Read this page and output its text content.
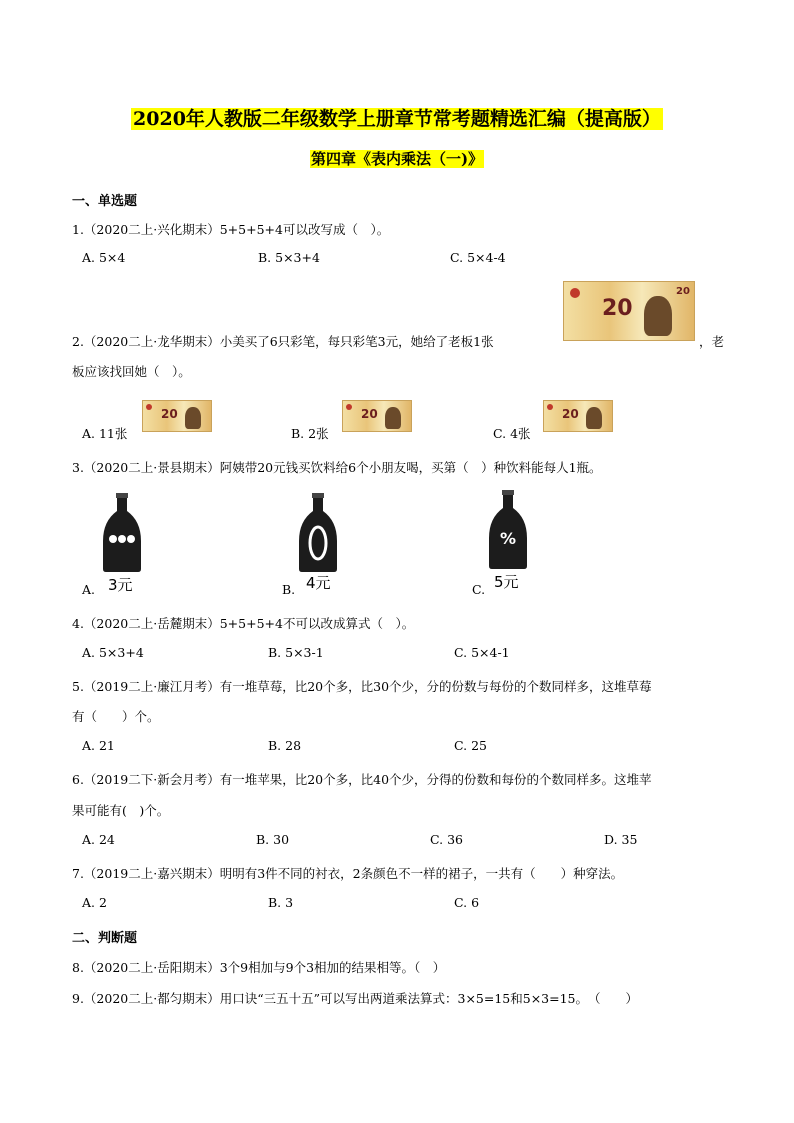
2020年人教版二年级数学上册章节常考题精选汇编（提高版）
第四章《表内乘法（一)》
一、单选题
1.（2020二上·兴化期末）5+5+5+4可以改写成（　）。
A. 5×4	B. 5×3+4	C. 5×4-4
20
20
2.（2020二上·龙华期末）小美买了6只彩笔，每只彩笔3元，她给了老板1张	，老
板应该找回她（　）。
A. 11张
20
B. 2张
20
C. 4张
20
3.（2020二上·景县期末）阿姨带20元钱买饮料给6个小朋友喝，买第（　）种饮料能每人1瓶。
A. 3元	B. 4元
%
C. 5元
4.（2020二上·岳麓期末）5+5+5+4不可以改成算式（　）。
A. 5×3+4	B. 5×3-1	C. 5×4-1
5.（2019二上·廉江月考）有一堆草莓，比20个多，比30个少，分的份数与每份的个数同样多，这堆草莓
有（　　）个。
A. 21	B. 28	C. 25
6.（2019二下·新会月考）有一堆苹果，比20个多，比40个少，分得的份数和每份的个数同样多。这堆苹
果可能有(　)个。
A. 24	B. 30	C. 36	D. 35
7.（2019二上·嘉兴期末）明明有3件不同的衬衣，2条颜色不一样的裙子，一共有（　　）种穿法。
A. 2	B. 3	C. 6
二、判断题
8.（2020二上·岳阳期末）3个9相加与9个3相加的结果相等。（　）
9.（2020二上·都匀期末）用口诀“三五十五”可以写出两道乘法算式：3×5=15和5×3=15。　（　　）
